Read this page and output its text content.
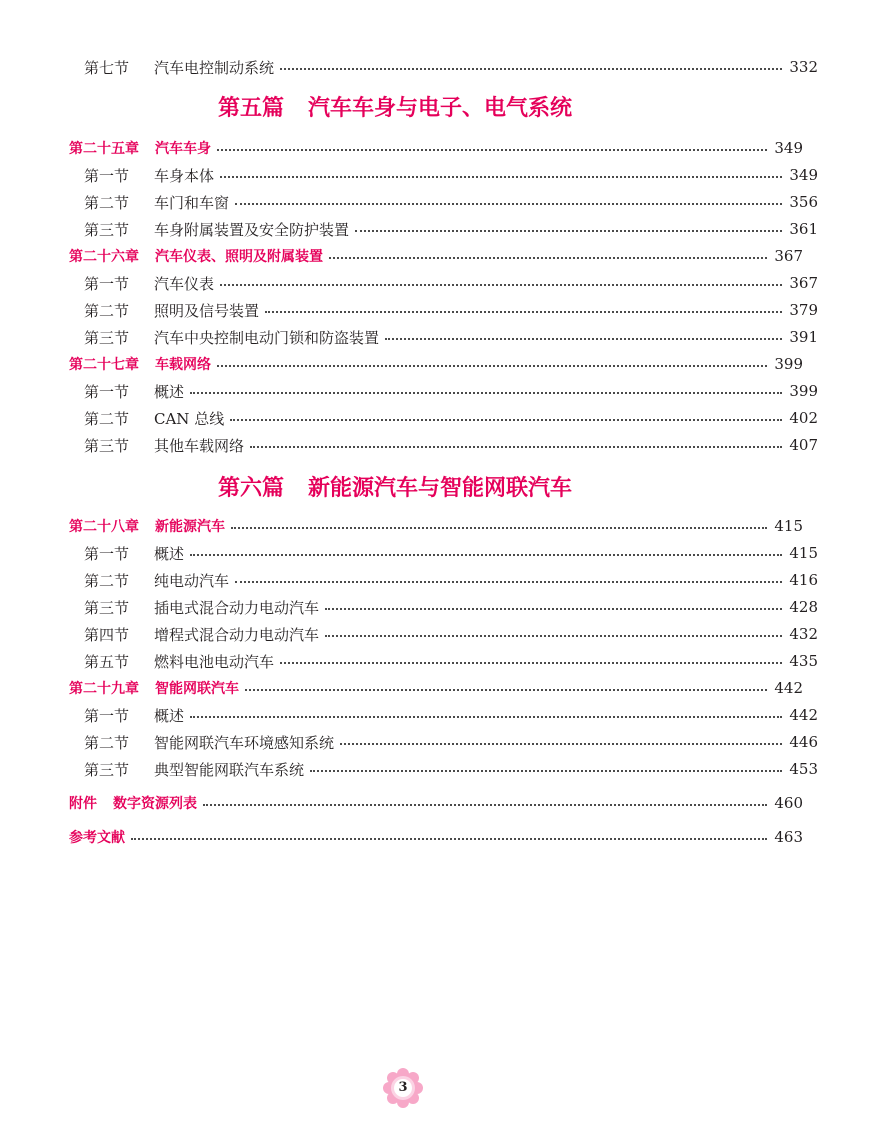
第七节 汽车电控制动系统	332
第五篇 汽车车身与电子、电气系统
第二十五章 汽车车身	349
第一节 车身本体	349
第二节 车门和车窗	356
第三节 车身附属装置及安全防护装置	361
第二十六章 汽车仪表、照明及附属装置	367
第一节 汽车仪表	367
第二节 照明及信号装置	379
第三节 汽车中央控制电动门锁和防盗装置	391
第二十七章 车载网络	399
第一节 概述	399
第二节 CAN 总线	402
第三节 其他车载网络	407
第六篇 新能源汽车与智能网联汽车
第二十八章 新能源汽车	415
第一节 概述	415
第二节 纯电动汽车	416
第三节 插电式混合动力电动汽车	428
第四节 增程式混合动力电动汽车	432
第五节 燃料电池电动汽车	435
第二十九章 智能网联汽车	442
第一节 概述	442
第二节 智能网联汽车环境感知系统	446
第三节 典型智能网联汽车系统	453
附件 数字资源列表	460
参考文献	463
3
